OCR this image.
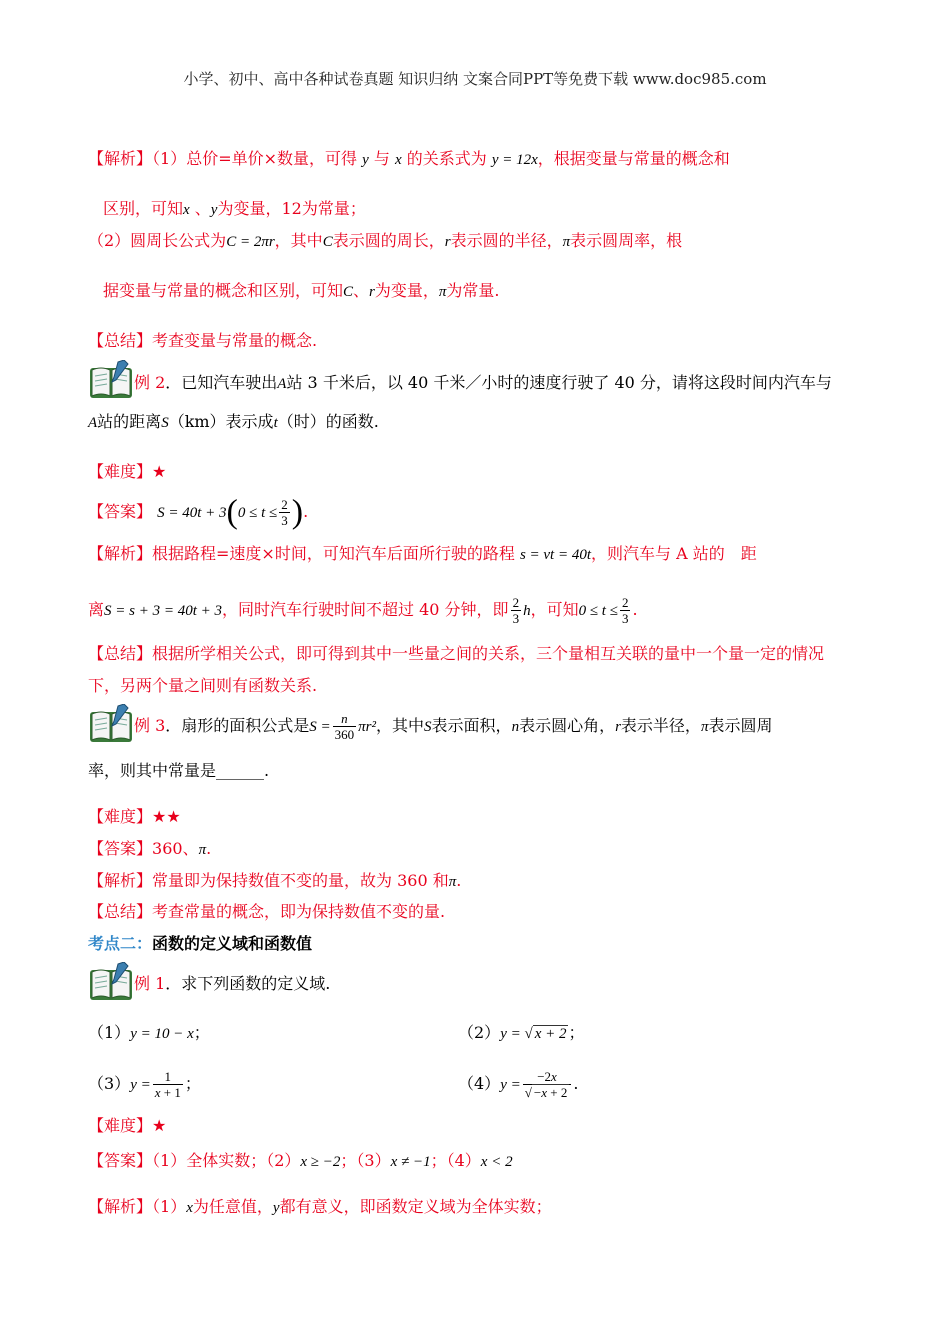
小学、初中、高中各种试卷真题 知识归纳 文案合同PPT等免费下载 www.doc985.com
【解析】（1）总价=单价×数量，可得 y 与 x 的关系式为 y = 12x，根据变量与常量的概念和
区别，可知x 、y为变量，12为常量；
（2）圆周长公式为C = 2πr，其中C表示圆的周长，r表示圆的半径，π表示圆周率，根
据变量与常量的概念和区别，可知C、r为变量，π为常量.
【总结】考查变量与常量的概念.
例 2．已知汽车驶出A站 3 千米后，以 40 千米／小时的速度行驶了 40 分，请将这段时间内汽车与
A站的距离S（km）表示成t（时）的函数.
【难度】★
【答案】 $S = 40t + 3(0 \le t \le \frac{2}{3}$ ).
【解析】根据路程=速度×时间，可知汽车后面所行驶的路程 s = vt = 40t，则汽车与 A 站的　距
离S = s + 3 = 40t + 3，同时汽车行驶时间不超过 40 分钟，即 $\frac{2}{3}$ h，可知$0 \le t \le \frac{2}{3}$ .
【总结】根据所学相关公式，即可得到其中一些量之间的关系，三个量相互关联的量中一个量一定的情况
下，另两个量之间则有函数关系.
例 3．扇形的面积公式是$S = \frac{n}{360} \pi r^2$，其中S表示面积，n表示圆心角，r表示半径，π表示圆周
率，则其中常量是______.
【难度】★★
【答案】360、π.
【解析】常量即为保持数值不变的量，故为 360 和π.
【总结】考查常量的概念，即为保持数值不变的量.
考点二：函数的定义域和函数值
例 1．求下列函数的定义域.
（1）y = 10 − x；	（2）y = √ x + 2 ；
$(3)y = \frac{1}{x + 1}$ ；	$(4)y = \frac{-2x}{√ -x + 2}$ .
【难度】★
【答案】（1）全体实数；（2）x ≥ −2；（3）x ≠ −1；（4）x < 2
【解析】（1）x为任意值，y都有意义，即函数定义域为全体实数；
